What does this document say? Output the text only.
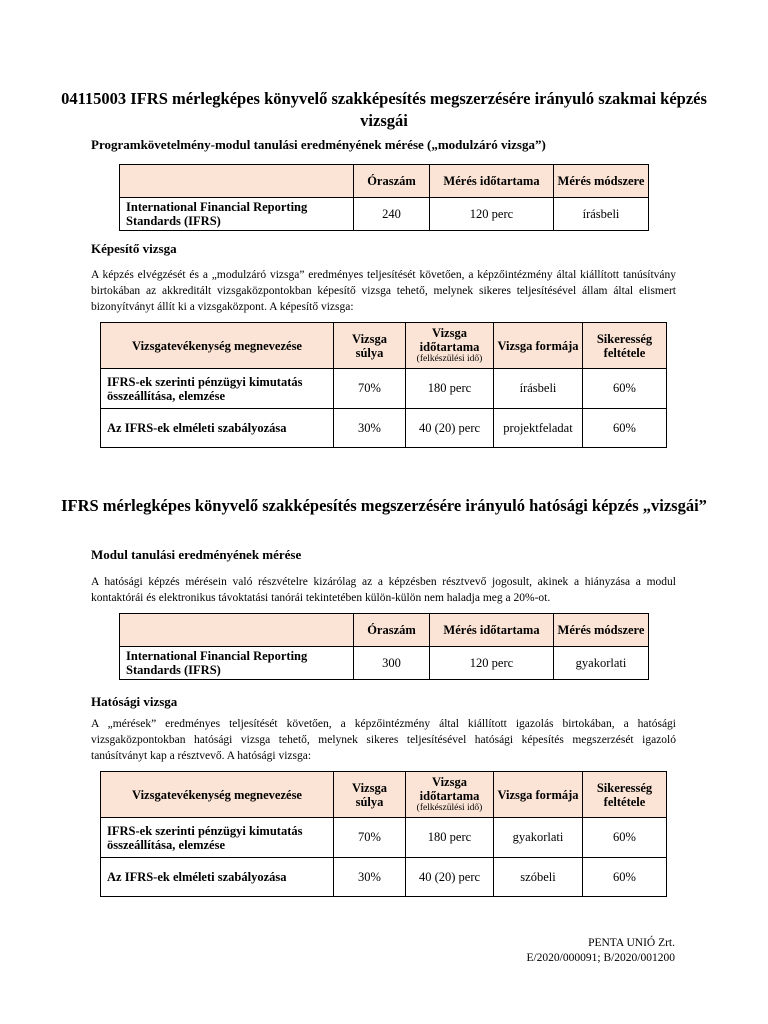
04115003 IFRS mérlegképes könyvelő szakképesítés megszerzésére irányuló szakmai képzés vizsgái
Programkövetelmény-modul tanulási eredményének mérése („modulzáró vizsga”)
	Óraszám	Mérés időtartama	Mérés módszere
International Financial Reporting Standards (IFRS)	240	120 perc	írásbeli
Képesítő vizsga
A képzés elvégzését és a „modulzáró vizsga” eredményes teljesítését követően, a képzőintézmény által kiállított tanúsítvány birtokában az akkreditált vizsgaközpontokban képesítő vizsga tehető, melynek sikeres teljesítésével állam által elismert bizonyítványt állít ki a vizsgaközpont. A képesítő vizsga:
Vizsgatevékenység megnevezése	Vizsga súlya	Vizsga időtartama
(felkészülési idő)	Vizsga formája	Sikeresség feltétele
IFRS-ek szerinti pénzügyi kimutatás összeállítása, elemzése	70%	180 perc	írásbeli	60%
Az IFRS-ek elméleti szabályozása	30%	40 (20) perc	projektfeladat	60%
IFRS mérlegképes könyvelő szakképesítés megszerzésére irányuló hatósági képzés „vizsgái”
Modul tanulási eredményének mérése
A hatósági képzés mérésein való részvételre kizárólag az a képzésben résztvevő jogosult, akinek a hiányzása a modul kontaktórái és elektronikus távoktatási tanórái tekintetében külön-külön nem haladja meg a 20%-ot.
	Óraszám	Mérés időtartama	Mérés módszere
International Financial Reporting Standards (IFRS)	300	120 perc	gyakorlati
Hatósági vizsga
A „mérések” eredményes teljesítését követően, a képzőintézmény által kiállított igazolás birtokában, a hatósági vizsgaközpontokban hatósági vizsga tehető, melynek sikeres teljesítésével hatósági képesítés megszerzését igazoló tanúsítványt kap a résztvevő. A hatósági vizsga:
Vizsgatevékenység megnevezése	Vizsga súlya	Vizsga időtartama
(felkészülési idő)	Vizsga formája	Sikeresség feltétele
IFRS-ek szerinti pénzügyi kimutatás összeállítása, elemzése	70%	180 perc	gyakorlati	60%
Az IFRS-ek elméleti szabályozása	30%	40 (20) perc	szóbeli	60%
PENTA UNIÓ Zrt.
E/2020/000091; B/2020/001200
